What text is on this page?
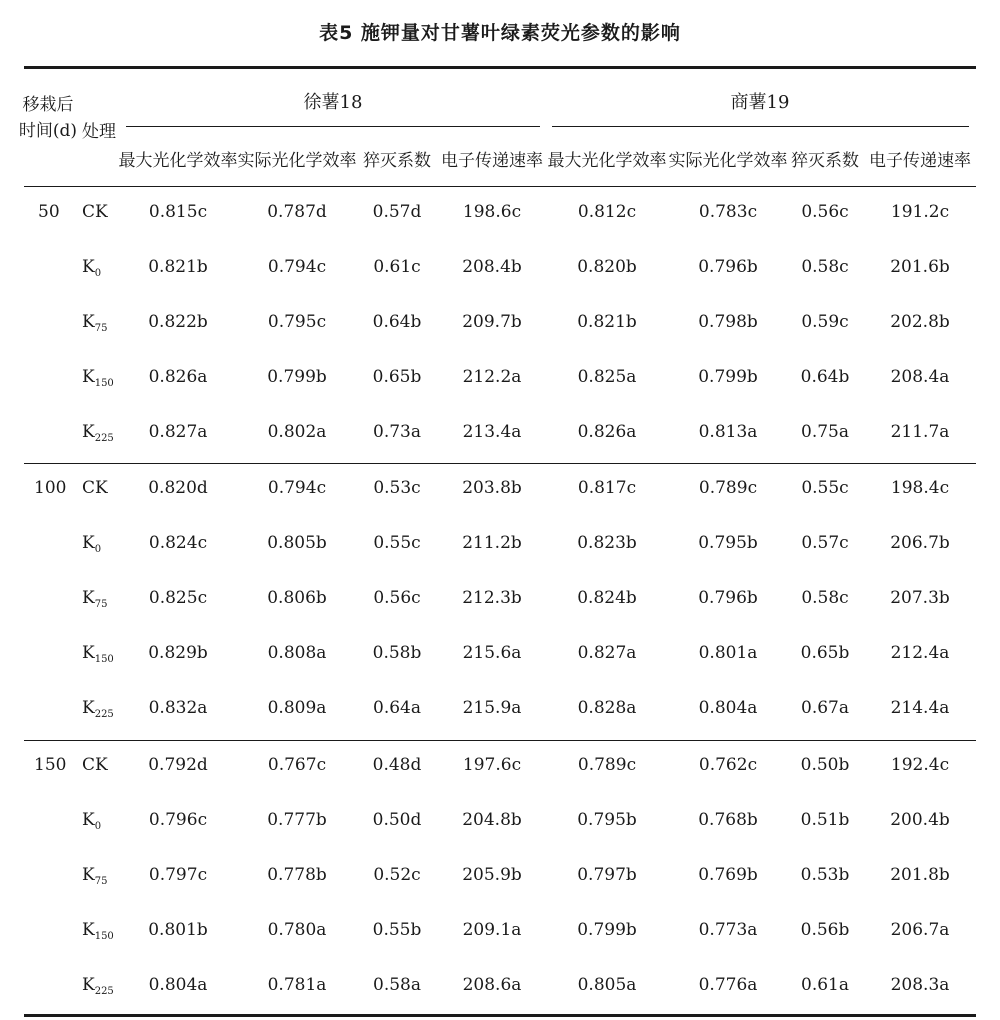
表5 施钾量对甘薯叶绿素荧光参数的影响
移栽后
时间(d) 处理
徐薯18	商薯19
最大光化学效率 实际光化学效率 猝灭系数 电子传递速率 最大光化学效率 实际光化学效率 猝灭系数 电子传递速率
50 CK 0.815c	0.787d	0.57d 198.6c	0.812c	0.783c	0.56c 191.2c
$K_0$	0.821b	0.794c	0.61c 208.4b	0.820b	0.796b	0.58c 201.6b
$K_{75}$ 0.822b	0.795c	0.64b 209.7b	0.821b	0.798b	0.59c 202.8b
$K_{150}$ 0.826a	0.799b	0.65b 212.2a	0.825a	0.799b	0.64b 208.4a
$K_{225}$ 0.827a	0.802a	0.73a 213.4a	0.826a	0.813a	0.75a 211.7a
100 CK 0.820d	0.794c	0.53c 203.8b	0.817c	0.789c	0.55c 198.4c
$K_0$	0.824c	0.805b	0.55c 211.2b	0.823b	0.795b	0.57c 206.7b
$K_{75}$ 0.825c	0.806b	0.56c 212.3b	0.824b	0.796b	0.58c 207.3b
$K_{150}$ 0.829b	0.808a	0.58b 215.6a	0.827a	0.801a	0.65b 212.4a
$K_{225}$ 0.832a	0.809a	0.64a 215.9a	0.828a	0.804a	0.67a 214.4a
150 CK 0.792d	0.767c	0.48d 197.6c	0.789c	0.762c	0.50b 192.4c
$K_0$	0.796c	0.777b	0.50d 204.8b	0.795b	0.768b	0.51b 200.4b
$K_{75}$ 0.797c	0.778b	0.52c 205.9b	0.797b	0.769b	0.53b 201.8b
$K_{150}$ 0.801b	0.780a	0.55b 209.1a	0.799b	0.773a	0.56b 206.7a
$K_{225}$ 0.804a	0.781a	0.58a 208.6a	0.805a	0.776a	0.61a 208.3a
